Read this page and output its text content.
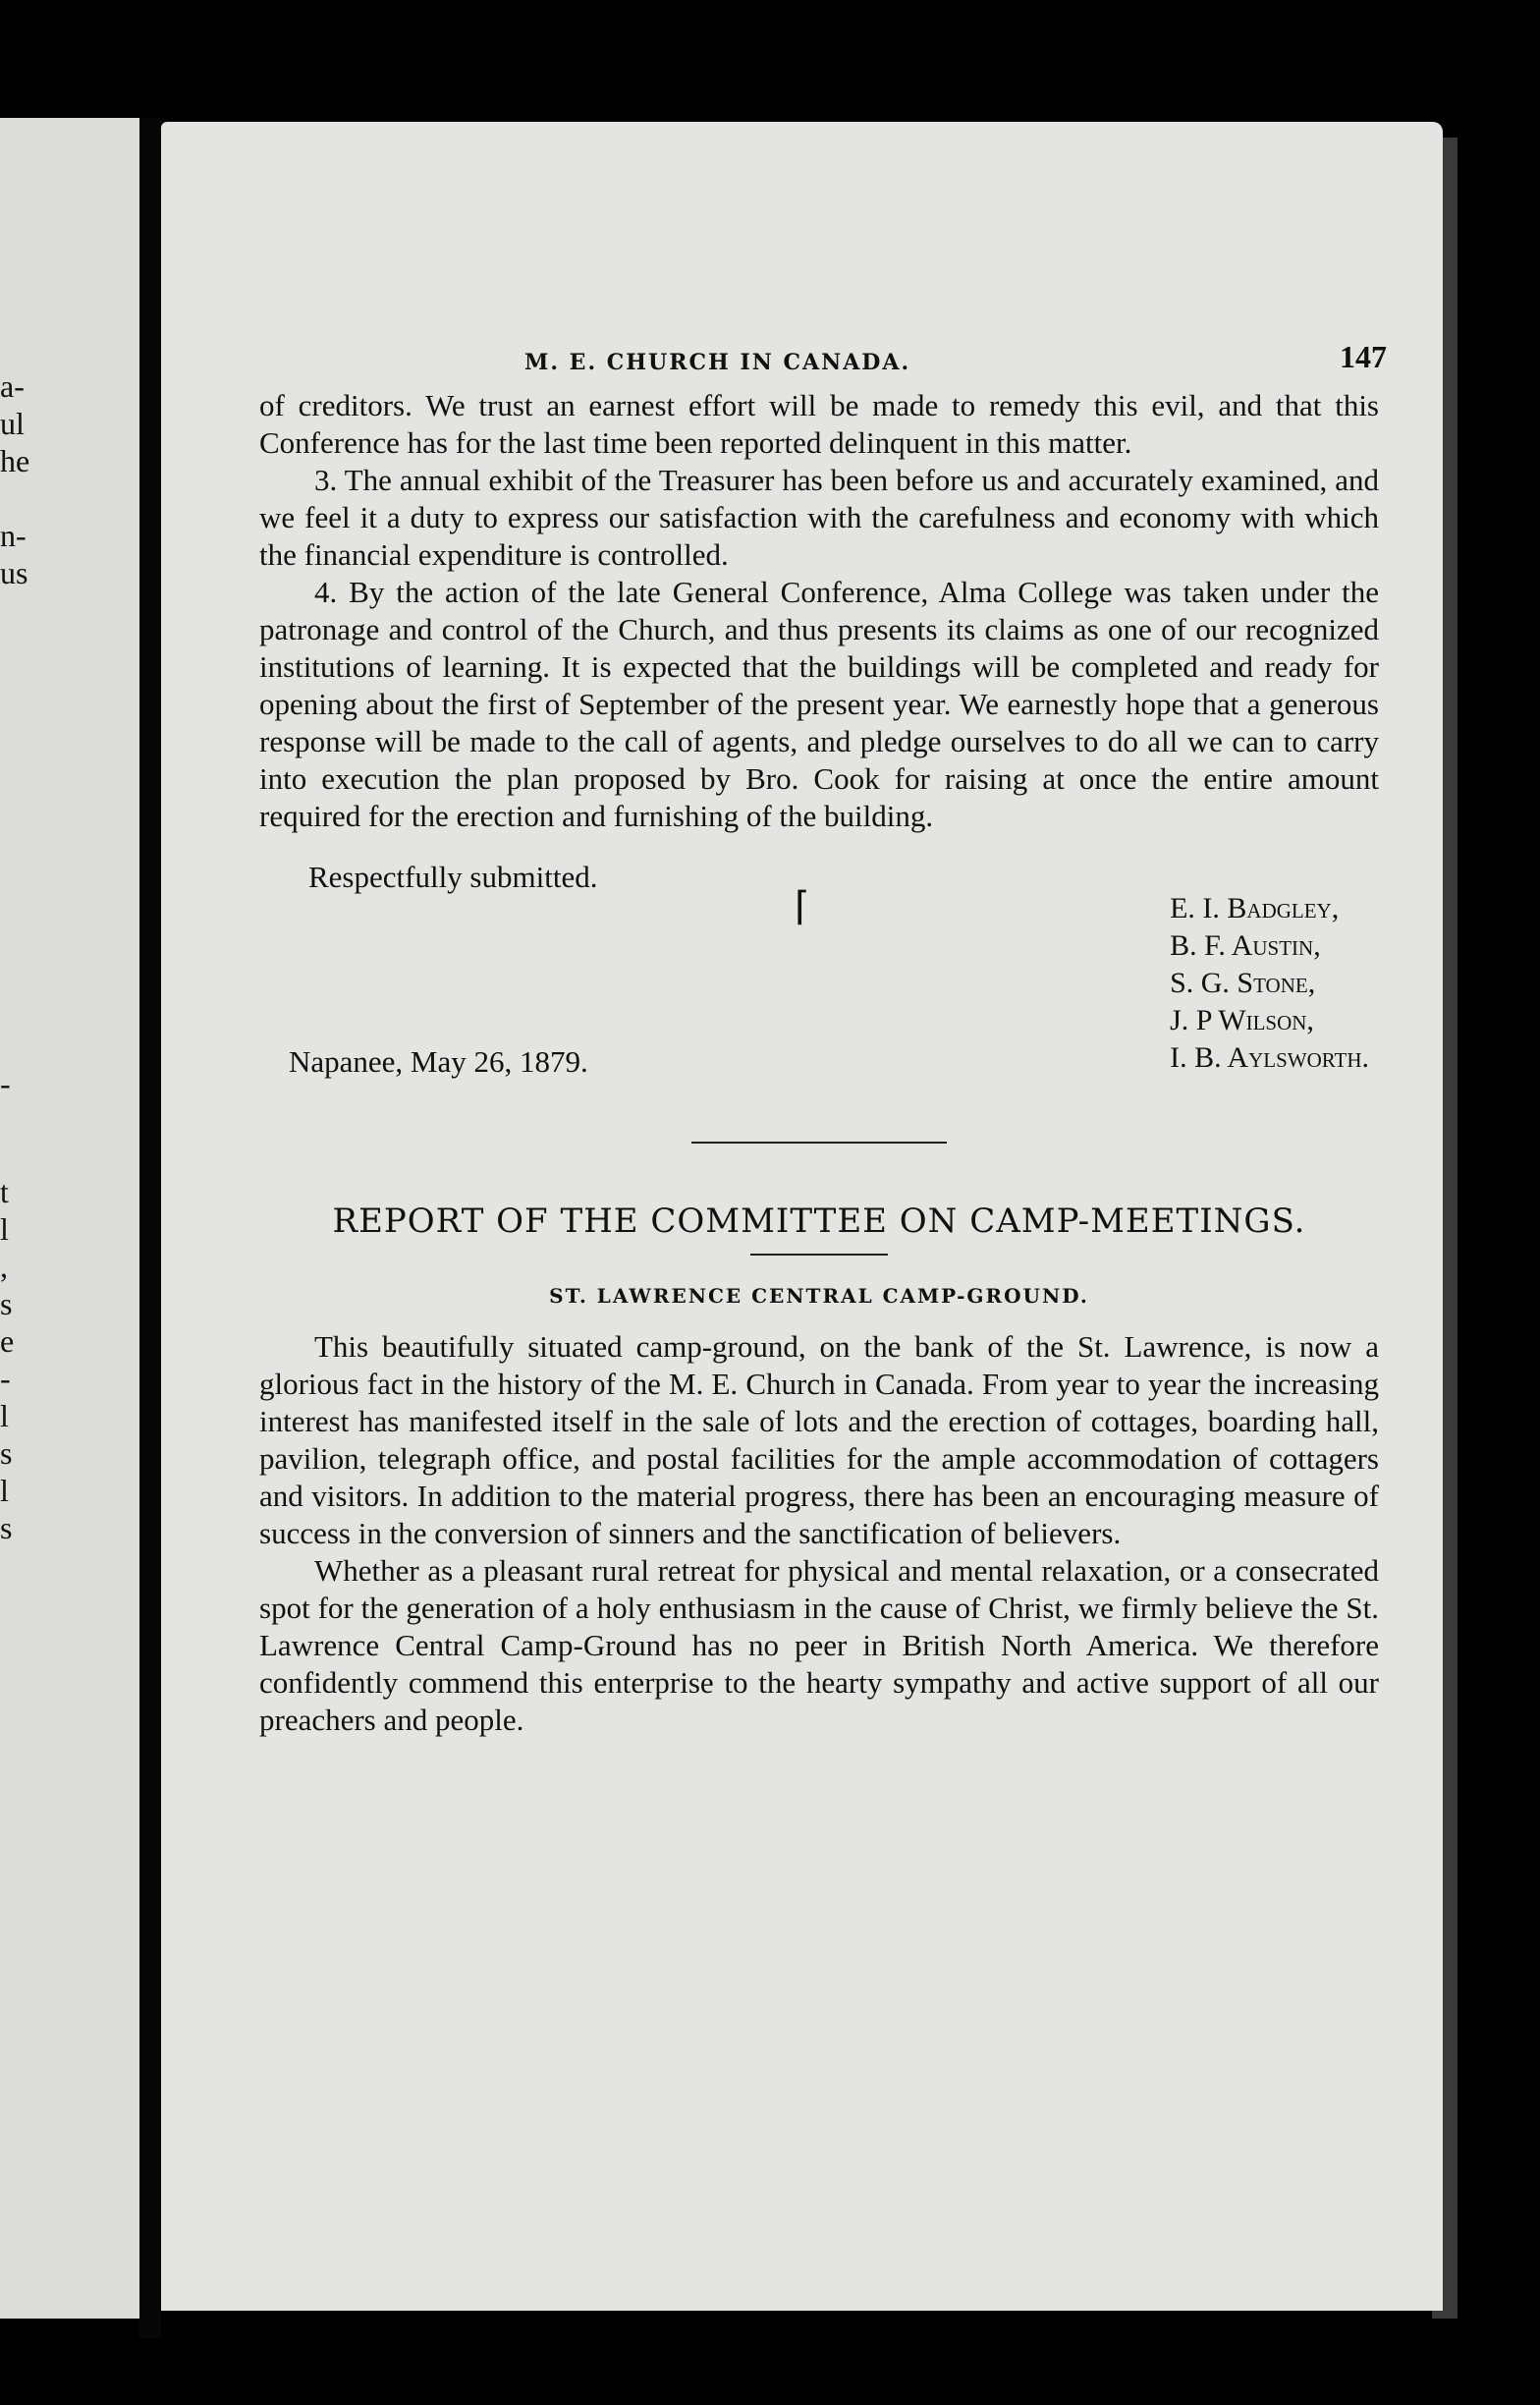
a-
ul
he
n-
us
-
t
l
,
s
e
-
l
s
l
s
M. E. CHURCH IN CANADA.	147

of creditors. We trust an earnest effort will be made to remedy this evil, and that this Conference has for the last time been reported delinquent in this matter.

3. The annual exhibit of the Treasurer has been before us and accurately examined, and we feel it a duty to express our satisfaction with the carefulness and economy with which the financial expenditure is controlled.

4. By the action of the late General Conference, Alma College was taken under the patronage and control of the Church, and thus presents its claims as one of our recognized institutions of learning. It is expected that the buildings will be completed and ready for opening about the first of September of the present year. We earnestly hope that a generous response will be made to the call of agents, and pledge ourselves to do all we can to carry into execution the plan proposed by Bro. Cook for raising at once the entire amount required for the erection and furnishing of the building.

Respectfully submitted.
⌈	E. I. Badgley,
B. F. Austin,
S. G. Stone,
J. P Wilson,
I. B. Aylsworth.
Napanee, May 26, 1879.
REPORT OF THE COMMITTEE ON CAMP-MEETINGS.
ST. LAWRENCE CENTRAL CAMP-GROUND.

This beautifully situated camp-ground, on the bank of the St. Lawrence, is now a glorious fact in the history of the M. E. Church in Canada. From year to year the increasing interest has manifested itself in the sale of lots and the erection of cottages, boarding hall, pavilion, telegraph office, and postal facilities for the ample accommodation of cottagers and visitors. In addition to the material progress, there has been an encouraging measure of success in the conversion of sinners and the sanctification of believers.

Whether as a pleasant rural retreat for physical and mental relaxation, or a consecrated spot for the generation of a holy enthusiasm in the cause of Christ, we firmly believe the St. Lawrence Central Camp-Ground has no peer in British North America. We therefore confidently commend this enterprise to the hearty sympathy and active support of all our preachers and people.
